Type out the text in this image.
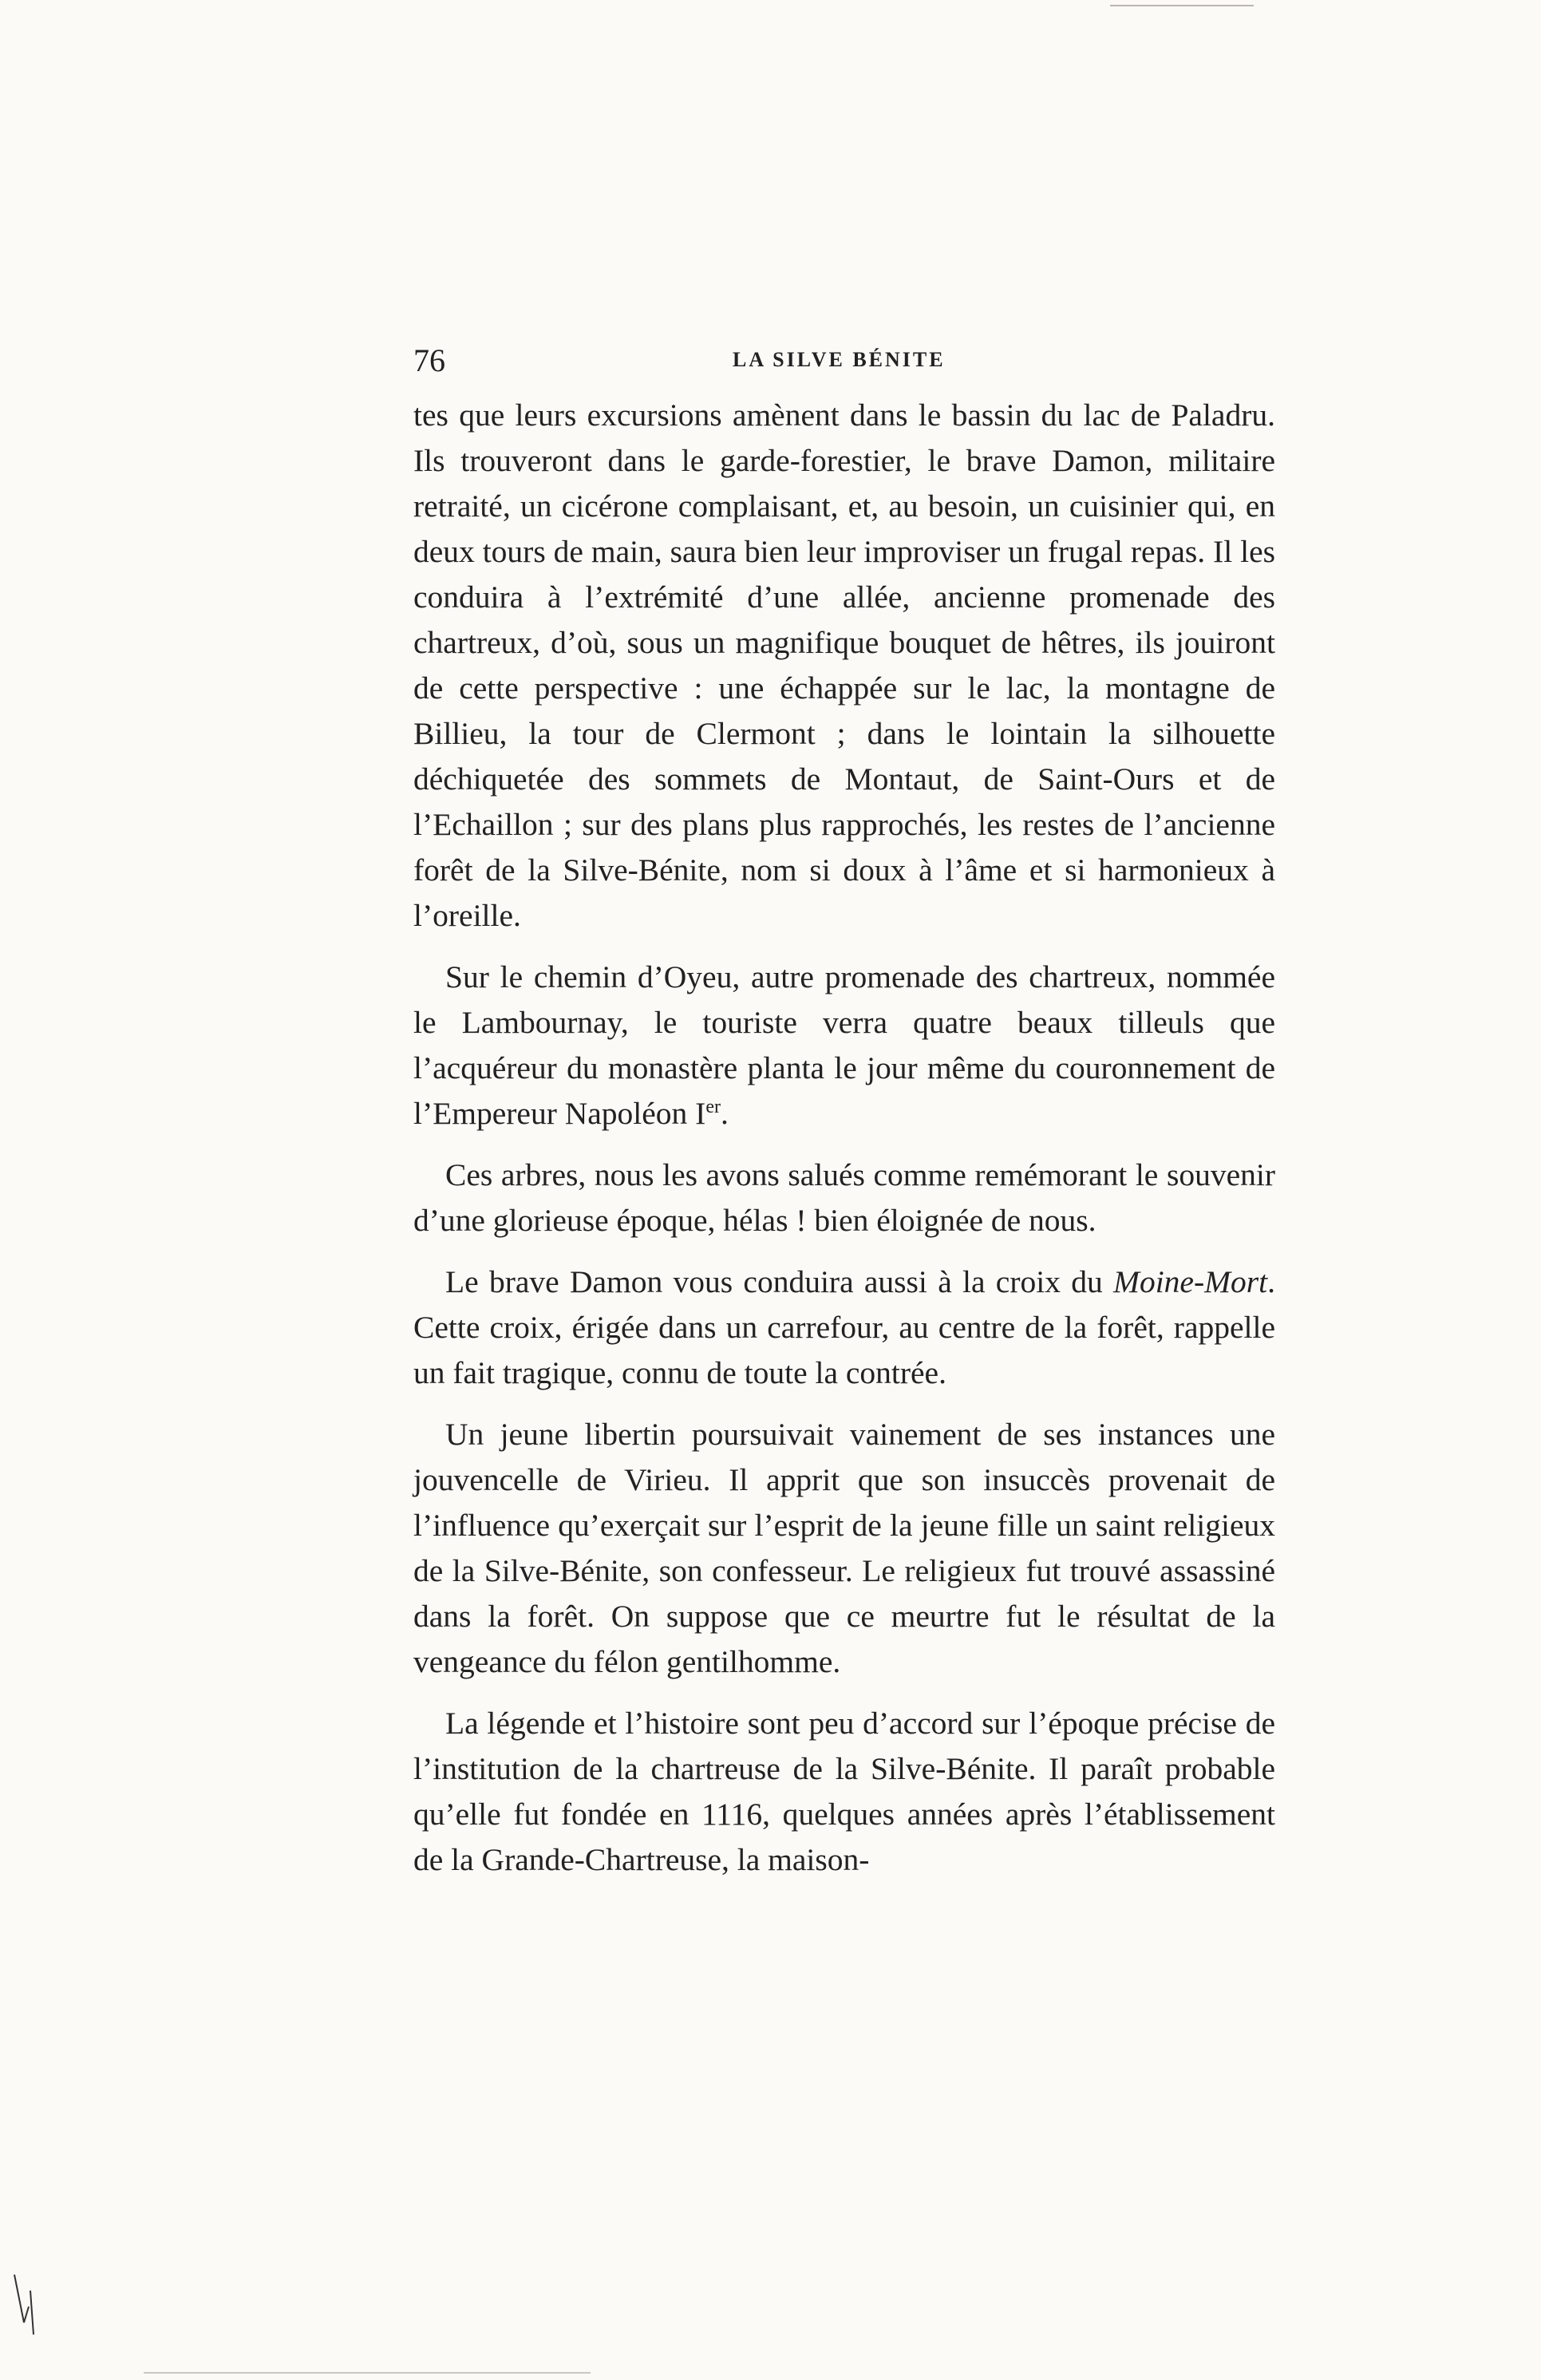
76	LA SILVE BÉNITE

tes que leurs excursions amènent dans le bassin du lac de Paladru. Ils trouveront dans le garde-forestier, le brave Damon, militaire retraité, un cicérone complaisant, et, au besoin, un cuisinier qui, en deux tours de main, saura bien leur improviser un frugal repas. Il les conduira à l’extrémité d’une allée, ancienne promenade des chartreux, d’où, sous un magnifique bouquet de hêtres, ils jouiront de cette perspective : une échappée sur le lac, la montagne de Billieu, la tour de Clermont ; dans le lointain la silhouette déchiquetée des sommets de Montaut, de Saint-Ours et de l’Echaillon ; sur des plans plus rapprochés, les restes de l’ancienne forêt de la Silve-Bénite, nom si doux à l’âme et si harmonieux à l’oreille.

Sur le chemin d’Oyeu, autre promenade des chartreux, nommée le Lambournay, le touriste verra quatre beaux tilleuls que l’acquéreur du monastère planta le jour même du couronnement de l’Empereur Napoléon Ier.

Ces arbres, nous les avons salués comme remémorant le souvenir d’une glorieuse époque, hélas ! bien éloignée de nous.

Le brave Damon vous conduira aussi à la croix du Moine-Mort. Cette croix, érigée dans un carrefour, au centre de la forêt, rappelle un fait tragique, connu de toute la contrée.

Un jeune libertin poursuivait vainement de ses instances une jouvencelle de Virieu. Il apprit que son insuccès provenait de l’influence qu’exerçait sur l’esprit de la jeune fille un saint religieux de la Silve-Bénite, son confesseur. Le religieux fut trouvé assassiné dans la forêt. On suppose que ce meurtre fut le résultat de la vengeance du félon gentilhomme.

La légende et l’histoire sont peu d’accord sur l’époque précise de l’institution de la chartreuse de la Silve-Bénite. Il paraît probable qu’elle fut fondée en 1116, quelques années après l’établissement de la Grande-Chartreuse, la maison-
